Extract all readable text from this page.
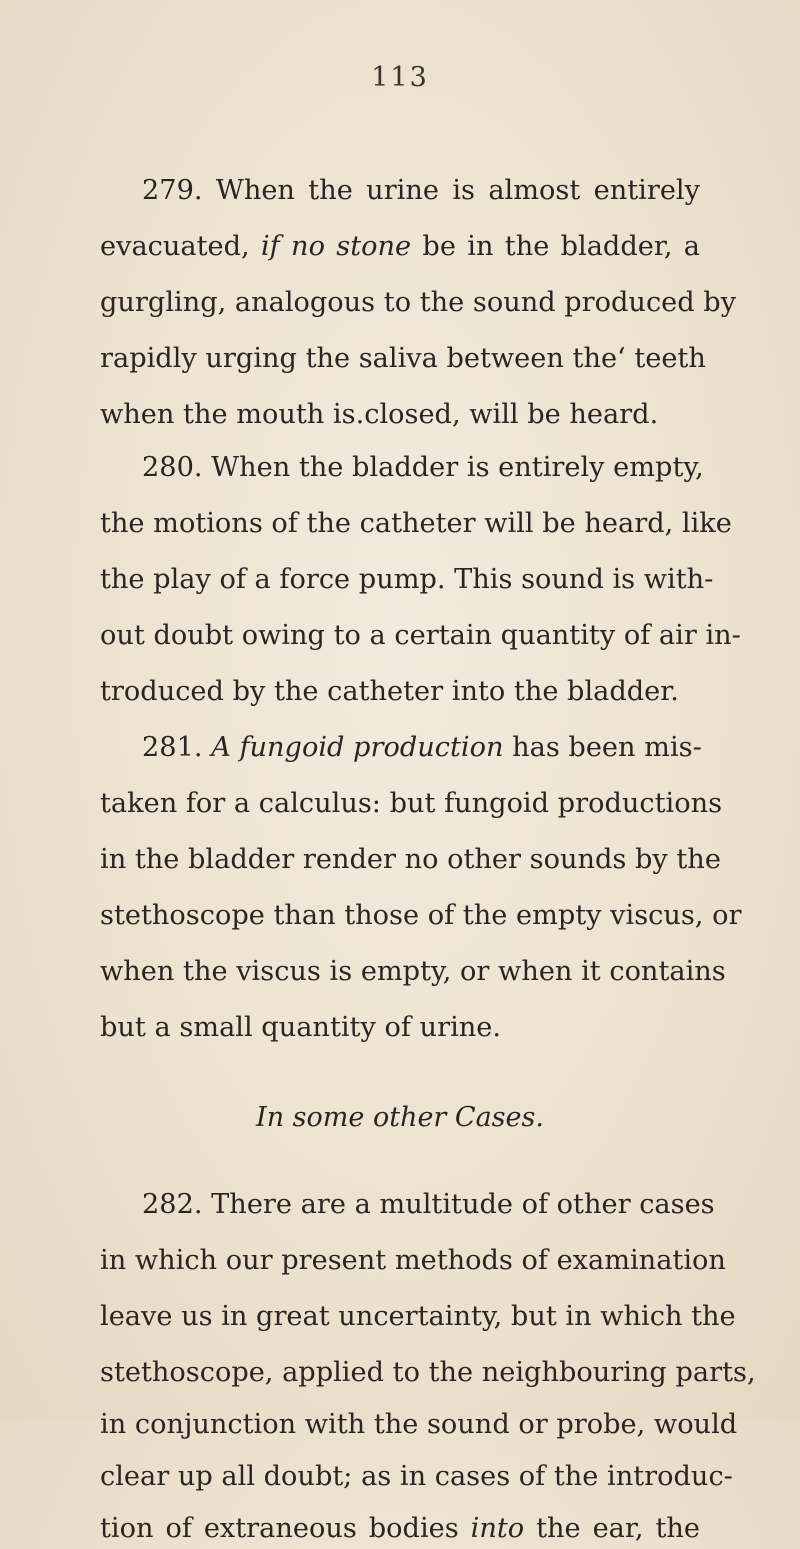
113
279. When the urine is almost entirely
evacuated, if no stone be in the bladder, a
gurgling, analogous to the sound produced by
rapidly urging the saliva between theʻ teeth
when the mouth is.closed, will be heard.
280. When the bladder is entirely empty,
the motions of the catheter will be heard, like
the play of a force pump. This sound is with-
out doubt owing to a certain quantity of air in-
troduced by the catheter into the bladder.
281. A fungoid production has been mis-
taken for a calculus: but fungoid productions
in the bladder render no other sounds by the
stethoscope than those of the empty viscus, or
when the viscus is empty, or when it contains
but a small quantity of urine.
In some other Cases.
282. There are a multitude of other cases
in which our present methods of examination
leave us in great uncertainty, but in which the
stethoscope, applied to the neighbouring parts,
in conjunction with the sound or probe, would
clear up all doubt; as in cases of the introduc-
tion of extraneous bodies into the ear, the
